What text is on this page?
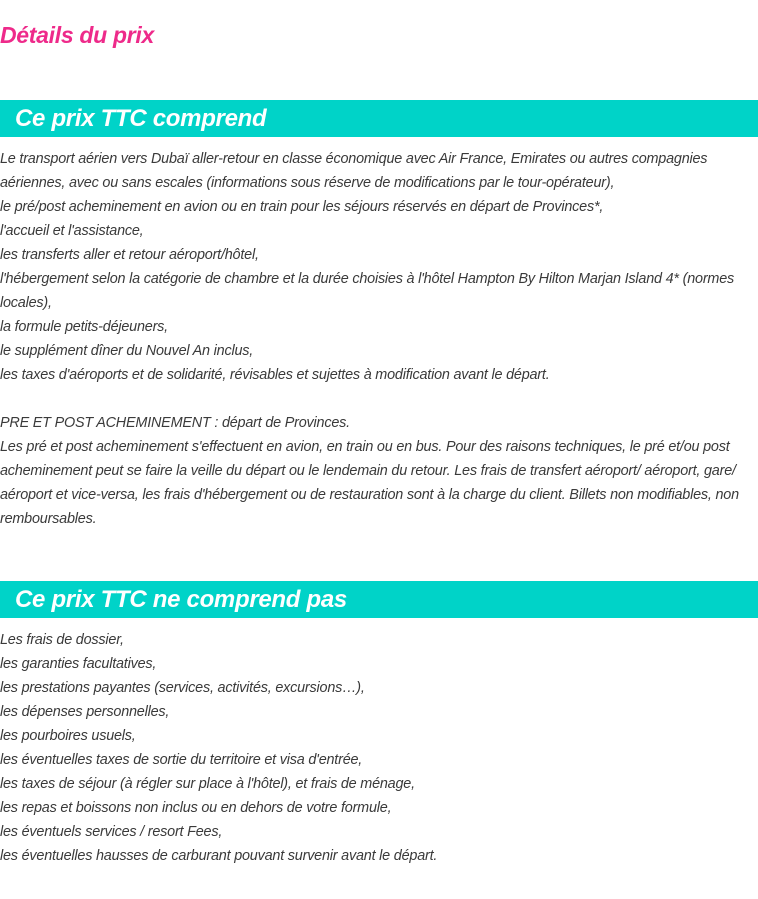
Détails du prix
Ce prix TTC comprend
Le transport aérien vers Dubaï aller-retour en classe économique avec Air France, Emirates ou autres compagnies aériennes, avec ou sans escales (informations sous réserve de modifications par le tour-opérateur),
le pré/post acheminement en avion ou en train pour les séjours réservés en départ de Provinces*,
l'accueil et l'assistance,
les transferts aller et retour aéroport/hôtel,
l'hébergement selon la catégorie de chambre et la durée choisies à l'hôtel Hampton By Hilton Marjan Island 4* (normes locales),
la formule petits-déjeuners,
le supplément dîner du Nouvel An inclus,
les taxes d'aéroports et de solidarité, révisables et sujettes à modification avant le départ.
PRE ET POST ACHEMINEMENT : départ de Provinces.
Les pré et post acheminement s'effectuent en avion, en train ou en bus. Pour des raisons techniques, le pré et/ou post acheminement peut se faire la veille du départ ou le lendemain du retour. Les frais de transfert aéroport/ aéroport, gare/ aéroport et vice-versa, les frais d'hébergement ou de restauration sont à la charge du client. Billets non modifiables, non remboursables.
Ce prix TTC ne comprend pas
Les frais de dossier,
les garanties facultatives,
les prestations payantes (services, activités, excursions…),
les dépenses personnelles,
les pourboires usuels,
les éventuelles taxes de sortie du territoire et visa d'entrée,
les taxes de séjour (à régler sur place à l'hôtel), et frais de ménage,
les repas et boissons non inclus ou en dehors de votre formule,
les éventuels services / resort Fees,
les éventuelles hausses de carburant pouvant survenir avant le départ.
